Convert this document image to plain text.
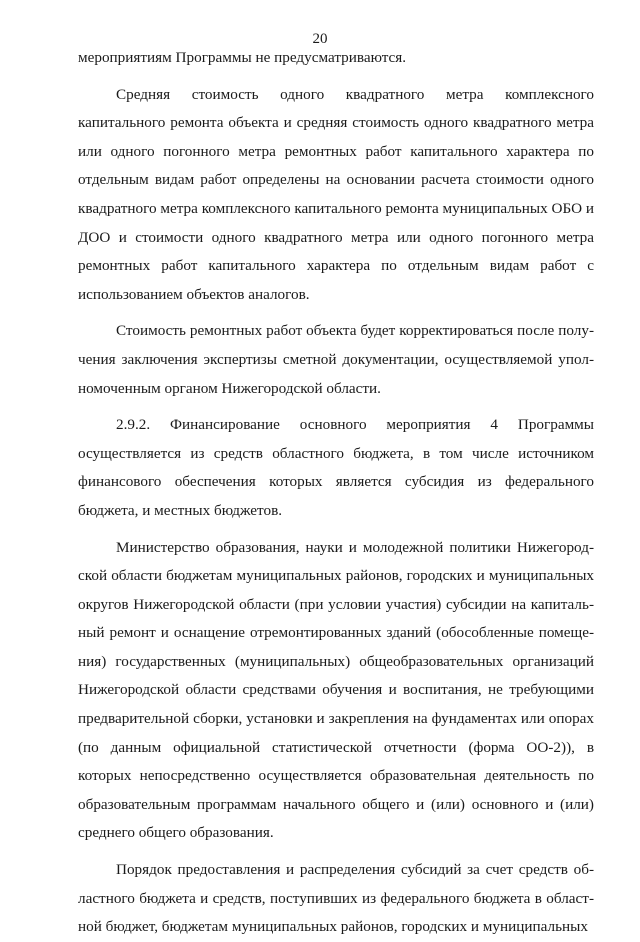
20

мероприятиям Программы не предусматриваются.

Средняя стоимость одного квадратного метра комплексного капитального ремонта объекта и средняя стоимость одного квадратного метра или одного погонного метра ремонтных работ капитального характера по отдельным видам работ определены на основании расчета стоимости одного квадратного метра комплексного капитального ремонта муниципальных ОБО и ДОО и стоимости одного квадратного метра или одного погонного метра ремонтных работ капитального характера по отдельным видам работ с использованием объектов аналогов.

Стоимость ремонтных работ объекта будет корректироваться после получения заключения экспертизы сметной документации, осуществляемой уполномоченным органом Нижегородской области.

2.9.2. Финансирование основного мероприятия 4 Программы осуществляется из средств областного бюджета, в том числе источником финансового обеспечения которых является субсидия из федерального бюджета, и местных бюджетов.

Министерство образования, науки и молодежной политики Нижегородской области бюджетам муниципальных районов, городских и муниципальных округов Нижегородской области (при условии участия) субсидии на капитальный ремонт и оснащение отремонтированных зданий (обособленные помещения) государственных (муниципальных) общеобразовательных организаций Нижегородской области средствами обучения и воспитания, не требующими предварительной сборки, установки и закрепления на фундаментах или опорах (по данным официальной статистической отчетности (форма ОО-2)), в которых непосредственно осуществляется образовательная деятельность по образовательным программам начального общего и (или) основного и (или) среднего общего образования.

Порядок предоставления и распределения субсидий за счет средств областного бюджета и средств, поступивших из федерального бюджета в областной бюджет, бюджетам муниципальных районов, городских и муниципальных
